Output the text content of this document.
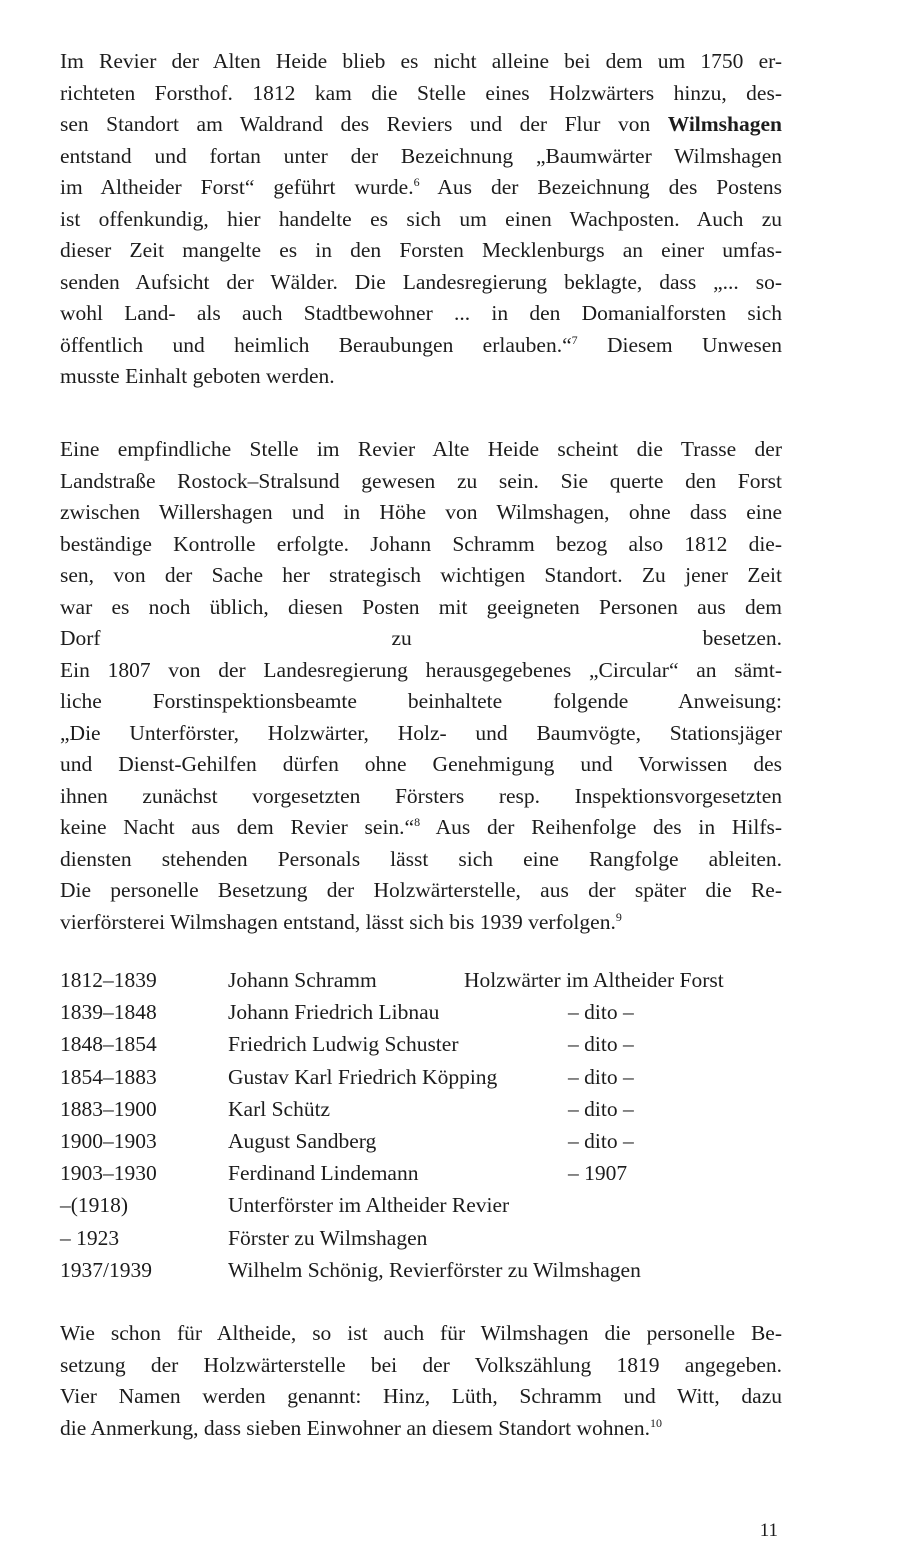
Im Revier der Alten Heide blieb es nicht alleine bei dem um 1750 er-
richteten Forsthof. 1812 kam die Stelle eines Holzwärters hinzu, des-
sen Standort am Waldrand des Reviers und der Flur von Wilmshagen
entstand und fortan unter der Bezeichnung „Baumwärter Wilmshagen
im Altheider Forst“ geführt wurde.$^6$ Aus der Bezeichnung des Postens
ist offenkundig, hier handelte es sich um einen Wachposten. Auch zu
dieser Zeit mangelte es in den Forsten Mecklenburgs an einer umfas-
senden Aufsicht der Wälder. Die Landesregierung beklagte, dass „... so-
wohl Land- als auch Stadtbewohner ... in den Domanialforsten sich
öffentlich und heimlich Beraubungen erlauben.“$^7$ Diesem Unwesen
musste Einhalt geboten werden.
Eine empfindliche Stelle im Revier Alte Heide scheint die Trasse der
Landstraße Rostock–Stralsund gewesen zu sein. Sie querte den Forst
zwischen Willershagen und in Höhe von Wilmshagen, ohne dass eine
beständige Kontrolle erfolgte. Johann Schramm bezog also 1812 die-
sen, von der Sache her strategisch wichtigen Standort. Zu jener Zeit
war es noch üblich, diesen Posten mit geeigneten Personen aus dem
Dorf zu besetzen.
Ein 1807 von der Landesregierung herausgegebenes „Circular“ an sämt-
liche Forstinspektionsbeamte beinhaltete folgende Anweisung:
„Die Unterförster, Holzwärter, Holz- und Baumvögte, Stationsjäger
und Dienst-Gehilfen dürfen ohne Genehmigung und Vorwissen des
ihnen zunächst vorgesetzten Försters resp. Inspektionsvorgesetzten
keine Nacht aus dem Revier sein.“$^8$ Aus der Reihenfolge des in Hilfs-
diensten stehenden Personals lässt sich eine Rangfolge ableiten.
Die personelle Besetzung der Holzwärterstelle, aus der später die Re-
vierförsterei Wilmshagen entstand, lässt sich bis 1939 verfolgen.$^9$
1812–1839	Johann Schramm	Holzwärter im Altheider Forst
1839–1848	Johann Friedrich Libnau	– dito –
1848–1854	Friedrich Ludwig Schuster	– dito –
1854–1883	Gustav Karl Friedrich Köpping	– dito –
1883–1900	Karl Schütz	– dito –
1900–1903	August Sandberg	– dito –
1903–1930	Ferdinand Lindemann	– 1907
–(1918)	Unterförster im Altheider Revier
– 1923	Förster zu Wilmshagen
1937/1939	Wilhelm Schönig, Revierförster zu Wilmshagen
Wie schon für Altheide, so ist auch für Wilmshagen die personelle Be-
setzung der Holzwärterstelle bei der Volkszählung 1819 angegeben.
Vier Namen werden genannt: Hinz, Lüth, Schramm und Witt, dazu
die Anmerkung, dass sieben Einwohner an diesem Standort wohnen.$^{10}$
11
